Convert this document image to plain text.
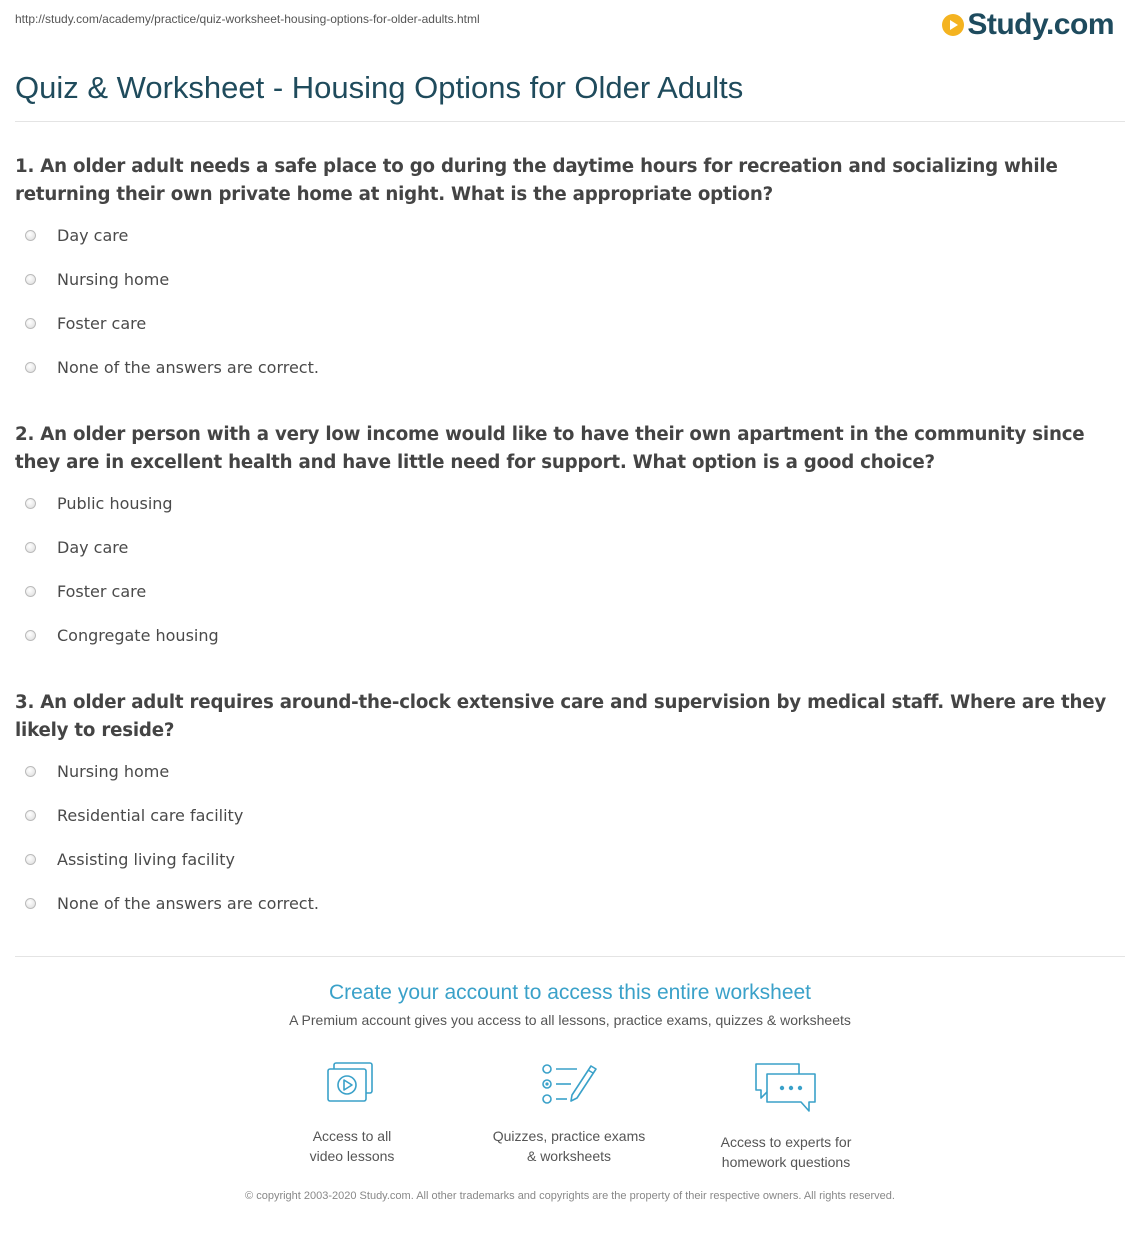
http://study.com/academy/practice/quiz-worksheet-housing-options-for-older-adults.html	Study.com
Quiz & Worksheet - Housing Options for Older Adults
1. An older adult needs a safe place to go during the daytime hours for recreation and socializing while returning their own private home at night. What is the appropriate option?
Day care
Nursing home
Foster care
None of the answers are correct.
2. An older person with a very low income would like to have their own apartment in the community since they are in excellent health and have little need for support. What option is a good choice?
Public housing
Day care
Foster care
Congregate housing
3. An older adult requires around-the-clock extensive care and supervision by medical staff. Where are they likely to reside?
Nursing home
Residential care facility
Assisting living facility
None of the answers are correct.
Create your account to access this entire worksheet
A Premium account gives you access to all lessons, practice exams, quizzes & worksheets
Access to all
video lessons
Quizzes, practice exams
& worksheets
Access to experts for
homework questions
© copyright 2003-2020 Study.com. All other trademarks and copyrights are the property of their respective owners. All rights reserved.
